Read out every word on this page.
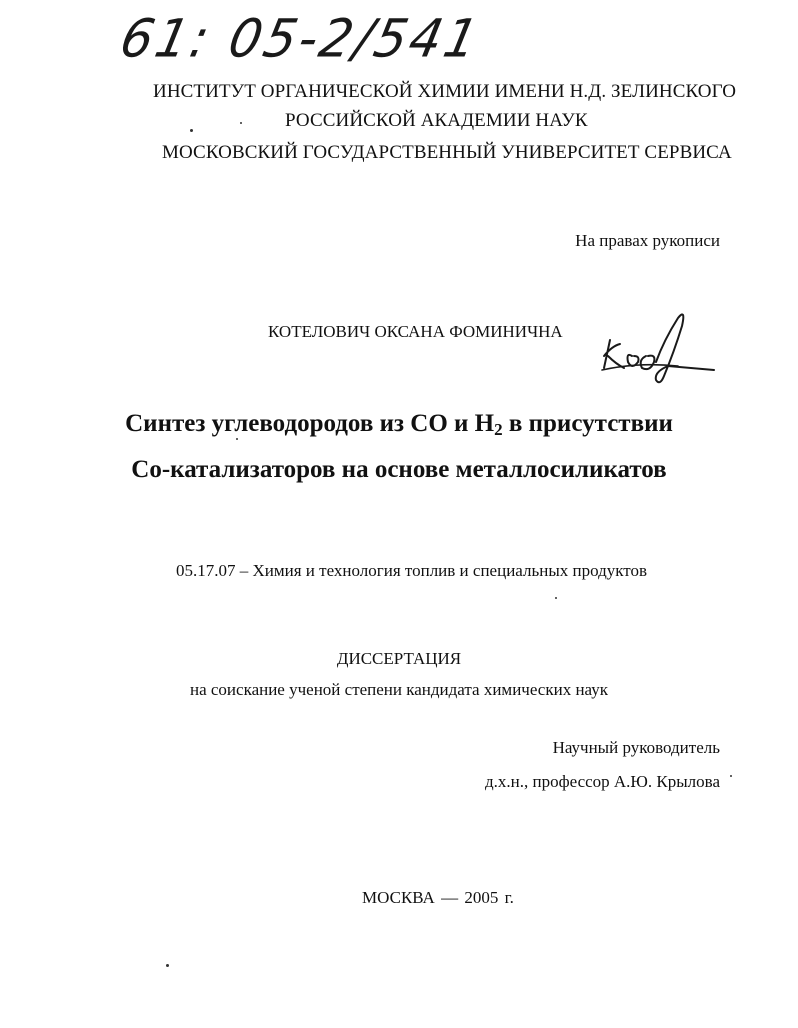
61: 05-2/541
ИНСТИТУТ ОРГАНИЧЕСКОЙ ХИМИИ ИМЕНИ Н.Д. ЗЕЛИНСКОГО
РОССИЙСКОЙ АКАДЕМИИ НАУК
МОСКОВСКИЙ ГОСУДАРСТВЕННЫЙ УНИВЕРСИТЕТ СЕРВИСА
На правах рукописи
КОТЕЛОВИЧ ОКСАНА ФОМИНИЧНА
Синтез углеводородов из СО и $Н_2$ в присутствии
Со-катализаторов на основе металлосиликатов
05.17.07 – Химия и технология топлив и специальных продуктов
ДИССЕРТАЦИЯ
на соискание ученой степени кандидата химических наук
Научный руководитель
д.х.н., профессор А.Ю. Крылова
МОСКВА — 2005 г.
